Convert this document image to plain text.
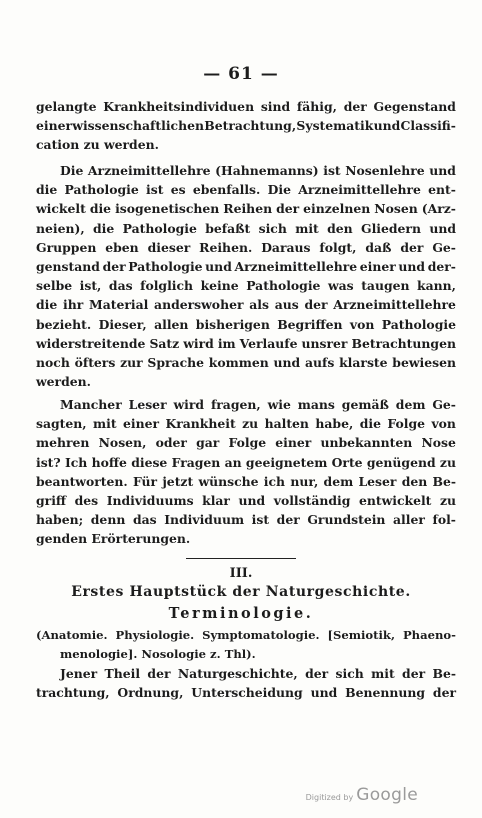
— 61 —
gelangte Krankheitsindividuen sind fähig, der Gegenstand
einer wissenschaftlichen Betrachtung, Systematik und Classifi-
cation zu werden.
Die Arzneimittellehre (Hahnemanns) ist Nosenlehre und
die Pathologie ist es ebenfalls. Die Arzneimittellehre ent-
wickelt die isogenetischen Reihen der einzelnen Nosen (Arz-
neien), die Pathologie befaßt sich mit den Gliedern und
Gruppen eben dieser Reihen. Daraus folgt, daß der Ge-
genstand der Pathologie und Arzneimittellehre einer und der-
selbe ist, das folglich keine Pathologie was taugen kann,
die ihr Material anderswoher als aus der Arzneimittellehre
bezieht. Dieser, allen bisherigen Begriffen von Pathologie
widerstreitende Satz wird im Verlaufe unsrer Betrachtungen
noch öfters zur Sprache kommen und aufs klarste bewiesen
werden.
Mancher Leser wird fragen, wie mans gemäß dem Ge-
sagten, mit einer Krankheit zu halten habe, die Folge von
mehren Nosen, oder gar Folge einer unbekannten Nose
ist? Ich hoffe diese Fragen an geeignetem Orte genügend zu
beantworten. Für jetzt wünsche ich nur, dem Leser den Be-
griff des Individuums klar und vollständig entwickelt zu
haben; denn das Individuum ist der Grundstein aller fol-
genden Erörterungen.
III.
Erstes Hauptstück der Naturgeschichte.
Terminologie.
(Anatomie. Physiologie. Symptomatologie. [Semiotik, Phaeno-
menologie]. Nosologie z. Thl).
Jener Theil der Naturgeschichte, der sich mit der Be-
trachtung, Ordnung, Unterscheidung und Benennung der
Digitized by Google
